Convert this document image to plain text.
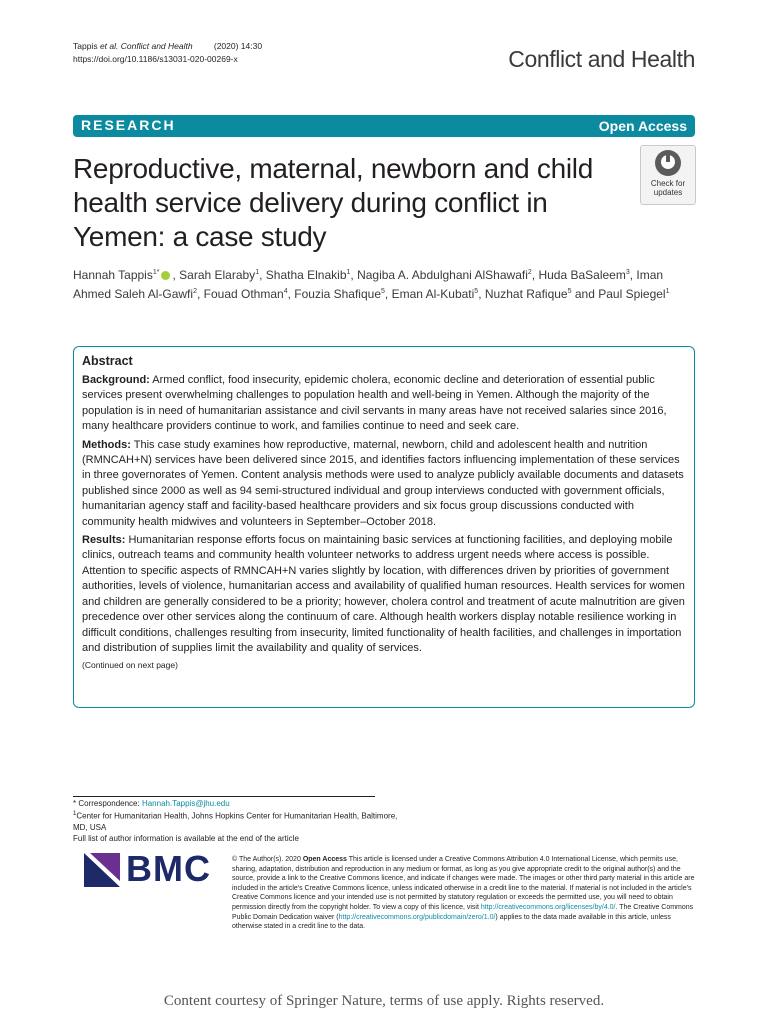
Tappis et al. Conflict and Health	(2020) 14:30
https://doi.org/10.1186/s13031-020-00269-x	Conflict and Health
RESEARCH	Open Access
Reproductive, maternal, newborn and child health service delivery during conflict in Yemen: a case study
Check for
updates
Hannah Tappis$^{1*}$ , Sarah Elaraby$^1$, Shatha Elnakib$^1$, Nagiba A. Abdulghani AlShawafi$^2$, Huda BaSaleem$^3$, Iman Ahmed Saleh Al-Gawfi$^2$, Fouad Othman$^4$, Fouzia Shafique$^5$, Eman Al-Kubati$^5$, Nuzhat Rafique$^5$ and Paul Spiegel$^1$
Abstract

Background: Armed conflict, food insecurity, epidemic cholera, economic decline and deterioration of essential public services present overwhelming challenges to population health and well-being in Yemen. Although the majority of the population is in need of humanitarian assistance and civil servants in many areas have not received salaries since 2016, many healthcare providers continue to work, and families continue to need and seek care.

Methods: This case study examines how reproductive, maternal, newborn, child and adolescent health and nutrition (RMNCAH+N) services have been delivered since 2015, and identifies factors influencing implementation of these services in three governorates of Yemen. Content analysis methods were used to analyze publicly available documents and datasets published since 2000 as well as 94 semi-structured individual and group interviews conducted with government officials, humanitarian agency staff and facility-based healthcare providers and six focus group discussions conducted with community health midwives and volunteers in September–October 2018.

Results: Humanitarian response efforts focus on maintaining basic services at functioning facilities, and deploying mobile clinics, outreach teams and community health volunteer networks to address urgent needs where access is possible. Attention to specific aspects of RMNCAH+N varies slightly by location, with differences driven by priorities of government authorities, levels of violence, humanitarian access and availability of qualified human resources. Health services for women and children are generally considered to be a priority; however, cholera control and treatment of acute malnutrition are given precedence over other services along the continuum of care. Although health workers display notable resilience working in difficult conditions, challenges resulting from insecurity, limited functionality of health facilities, and challenges in importation and distribution of supplies limit the availability and quality of services.

(Continued on next page)
* Correspondence: Hannah.Tappis@jhu.edu
$^1$Center for Humanitarian Health, Johns Hopkins Center for Humanitarian Health, Baltimore, MD, USA
Full list of author information is available at the end of the article
BMC	© The Author(s). 2020 Open Access This article is licensed under a Creative Commons Attribution 4.0 International License, which permits use, sharing, adaptation, distribution and reproduction in any medium or format, as long as you give appropriate credit to the original author(s) and the source, provide a link to the Creative Commons licence, and indicate if changes were made. The images or other third party material in this article are included in the article's Creative Commons licence, unless indicated otherwise in a credit line to the material. If material is not included in the article's Creative Commons licence and your intended use is not permitted by statutory regulation or exceeds the permitted use, you will need to obtain permission directly from the copyright holder. To view a copy of this licence, visit http://creativecommons.org/licenses/by/4.0/. The Creative Commons Public Domain Dedication waiver (http://creativecommons.org/publicdomain/zero/1.0/) applies to the data made available in this article, unless otherwise stated in a credit line to the data.
Content courtesy of Springer Nature, terms of use apply. Rights reserved.
